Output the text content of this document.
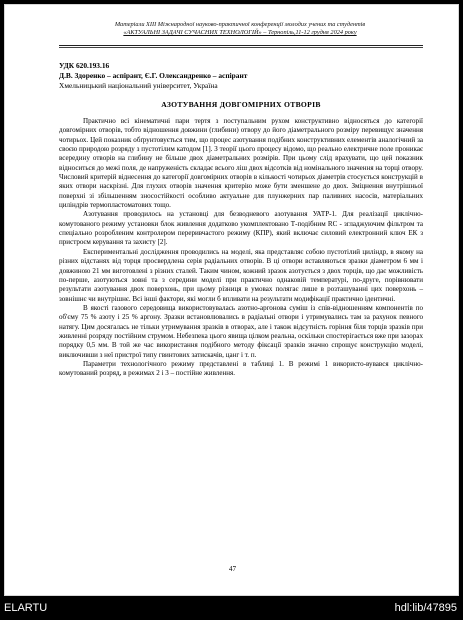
Матеріали XIII Міжнародної науково-практичної конференції молодих учених та студентів
«АКТУАЛЬНІ ЗАДАЧІ СУЧАСНИХ ТЕХНОЛОГІЙ» – Тернопіль,11-12 грудня 2024 року
УДК 620.193.16
Д.В. Здоренко – аспірант, Є.Г. Олександренко – аспірант
Хмельницький національний університет, Україна
АЗОТУВАННЯ ДОВГОМІРНИХ ОТВОРІВ

Практично всі кінематичні пари тертя з поступальним рухом конструктивно відносяться до категорії довгомірних отворів, тобто відношення довжини (глибини) отвору до його діаметрального розміру перевищує значення чотирьох. Цей показник обґрунтовується тим, що процес азотування подібних конструктивних елементів аналогічний за своєю природою розряду з пустотілим катодом [1]. З теорії цього процесу відомо, що реально електричне поле проникає всередину отворів на глибину не більше двох діаметральних розмірів. При цьому слід врахувати, що цей показник відноситься до межі поля, де напруженість складає всього ліш двох відсотків від номінального значення на торці отвору. Числовий критерій віднесення до категорії довгомірних отворів в кількості чотирьох діаметрів стосується конструкцій в яких отвори наскрізні. Для глухих отворів значення критерію може бути зменшене до двох. Зміцнення внутрішньої поверхні зі збільшенням зносостійкості особливо актуальне для плунжерних пар паливних насосів, матеріальних циліндрів термопластоматових тощо.

Азотування проводилось на установці для безводневого азотування УАТР-1. Для реалізації циклічно-комутованого режиму установки блок живлення додатково укомплектовано Т-подібним RC - згладжуючим фільтром та спеціально розробленим контролером переривчастого режиму (КПР), який включає силовий електронний ключ ЕК з пристроєм керування та захисту [2].

Експериментальні дослідження проводились на моделі, яка представляє собою пустотілий циліндр, в якому на різних відстанях від торця просвердлена серія радіальних отворів. В ці отвори вставляються зразки діаметром 6 мм і довжиною 21 мм виготовлені з різних сталей. Таким чином, кожний зразок азотується з двох торців, що дає можливість по-перше, азотуються зовні та з середини моделі при практично однаковій температурі, по-друге, порівнювати результати азотування двох поверхонь, при цьому різниця в умовах полягає лише в розташуванні цих поверхонь – зовнішнє чи внутрішнє. Всі інші фактори, які могли б впливати на результати модифікації практично ідентичні.

В якості газового середовища використовувалась азотно-аргонова суміш із спів-відношенням компонентів по об'єму 75 % азоту і 25 % аргону. Зразки встановлювались в радіальні отвори і утримувались там за рахунок певного натягу. Цим досягалась не тільки утримування зразків в отворах, але і також відсутність горіння біля торців зразків при живленні розряду постійним струмом. Небезпека цього явища цілком реальна, оскільки спостерігається вже при зазорах порядку 0,5 мм. В той же час використання подібного методу фіксації зразків значно спрощує конструкцію моделі, виключивши з неї пристрої типу гвинтових затискачів, цанг і т. п.

Параметри технологічного режиму представлені в таблиці 1. В режимі 1 використо-вувався циклічно-комутований розряд, в режимах 2 і 3 – постійне живлення.

47
ELARTU	hdl:lib/47895
